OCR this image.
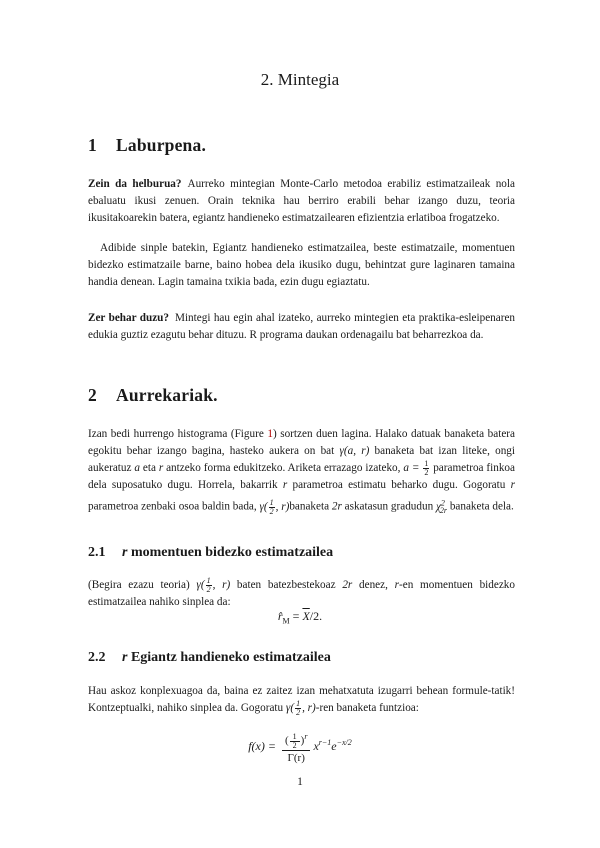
2. Mintegia
1 Laburpena.
Zein da helburua? Aurreko mintegian Monte-Carlo metodoa erabiliz estimatzaileak nola ebaluatu ikusi zenuen. Orain teknika hau berriro erabili behar izango duzu, teoria ikusitakoarekin batera, egiantz handieneko estimatzailearen efizientzia erlatiboa frogatzeko.
Adibide sinple batekin, Egiantz handieneko estimatzailea, beste estimatzaile, momentuen bidezko estimatzaile barne, baino hobea dela ikusiko dugu, behintzat gure laginaren tamaina handia denean. Lagin tamaina txikia bada, ezin dugu egiaztatu.
Zer behar duzu? Mintegi hau egin ahal izateko, aurreko mintegien eta praktika-esleipenaren edukia guztiz ezagutu behar dituzu. R programa daukan ordenagailu bat beharrezkoa da.
2 Aurrekariak.
Izan bedi hurrengo histograma (Figure 1) sortzen duen lagina. Halako datuak banaketa batera egokitu behar izango bagina, hasteko aukera on bat γ(a, r) banaketa bat izan liteke, ongi aukeratuz a eta r antzeko forma edukitzeko. Ariketa errazago izateko, $a = \frac{1}{2}$ parametroa finkoa dela suposatuko dugu. Horrela, bakarrik r parametroa estimatu beharko dugu. Gogoratu r parametroa zenbaki osoa baldin bada, $\gamma( \frac{1}{2}$ , r)banaketa 2r askatasun gradudun $\chi^2_{2r}$ banaketa dela.
2.1 r momentuen bidezko estimatzailea
(Begira ezazu teoria) $\gamma( \frac{1}{2}$ , r) baten batezbestekoaz 2r denez, r-en momentuen bidezko estimatzailea nahiko sinplea da:
$r̂_M = \overline{X}/2$.
2.2 r Egiantz handieneko estimatzailea
Hau askoz konplexuagoa da, baina ez zaitez izan mehatxatuta izugarri behean formule-tatik! Kontzeptualki, nahiko sinplea da. Gogoratu $\gamma( \frac{1}{2}$ , r)-ren banaketa funtzioa:
$f(x) = \frac{( \frac{1}{2} )^r}{\Gamma(r)} x^{r-1}e^{-x/2}$
1
